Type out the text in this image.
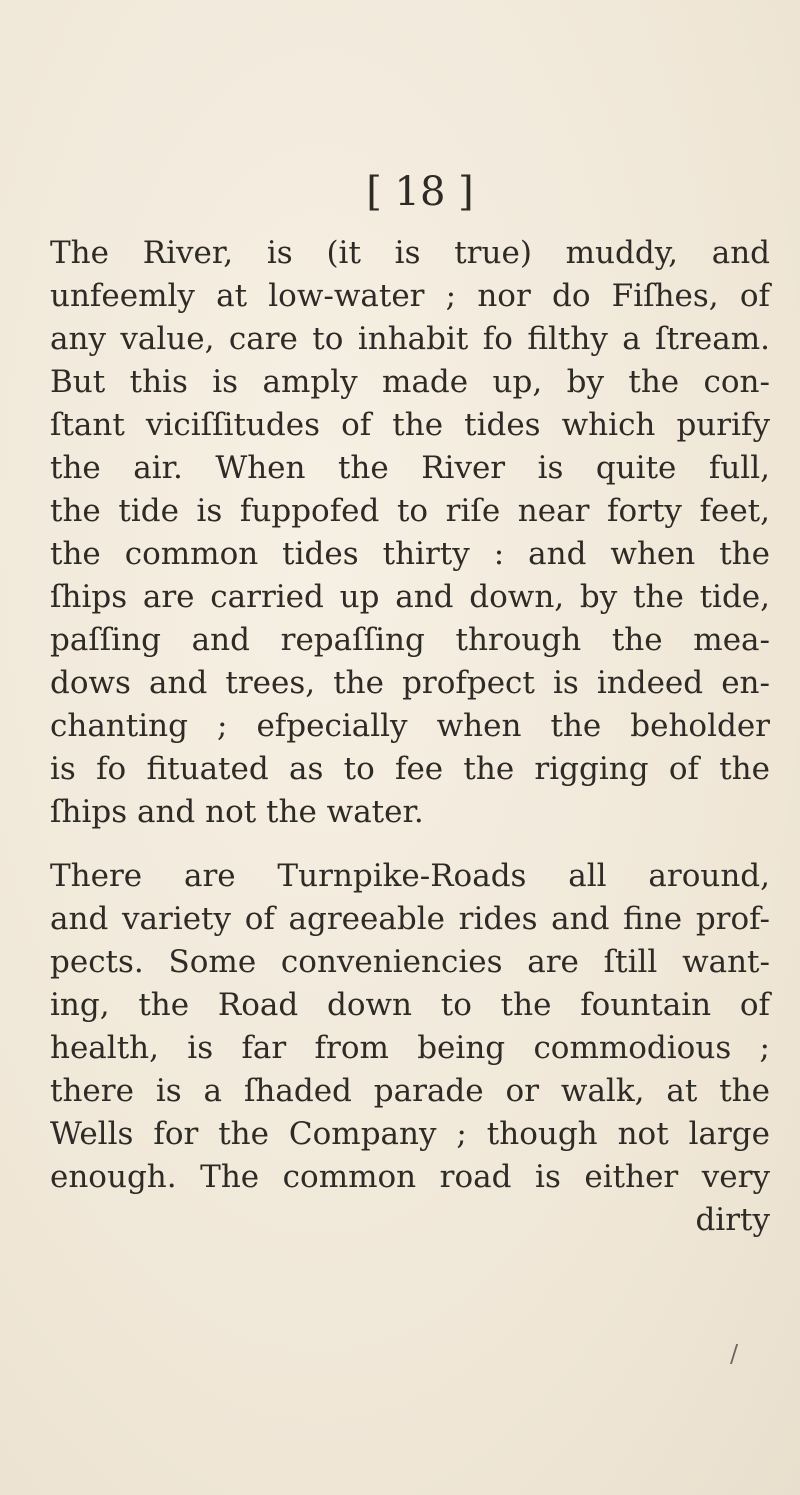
[ 18 ]
The River, is (it is true) muddy, and
unfeemly at low-water ; nor do Fiſhes, of
any value, care to inhabit fo filthy a ſtream.
But this is amply made up, by the con-
ſtant viciſſitudes of the tides which purify
the air. When the River is quite full,
the tide is fuppofed to riſe near forty feet,
the common tides thirty : and when the
ſhips are carried up and down, by the tide,
paſſing and repaſſing through the mea-
dows and trees, the profpect is indeed en-
chanting ; efpecially when the beholder
is fo fituated as to fee the rigging of the
ſhips and not the water.
There are Turnpike-Roads all around,
and variety of agreeable rides and fine prof-
pects. Some conveniencies are ſtill want-
ing, the Road down to the fountain of
health, is far from being commodious ;
there is a ſhaded parade or walk, at the
Wells for the Company ; though not large
enough. The common road is either very
dirty
/
